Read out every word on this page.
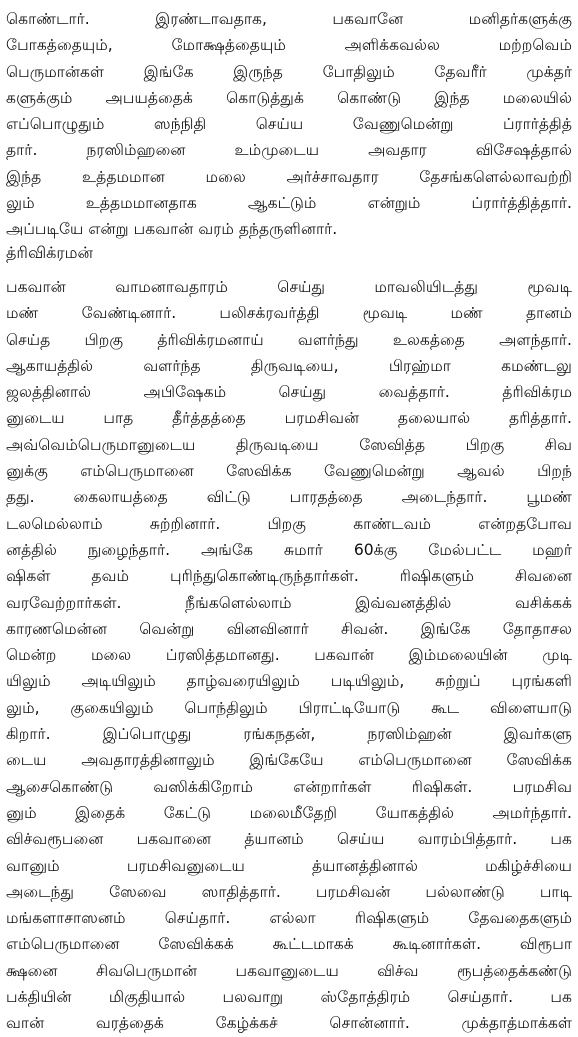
கொண்டார். இரண்டாவதாக, பகவானே மனிதர்களுக்கு
போகத்தையும், மோக்ஷத்தையும் அளிக்கவல்ல மற்றவெம்
பெருமான்கள் இங்கே இருந்த போதிலும் தேவரீர் முக்தர்
களுக்கும் அபயத்தைக் கொடுத்துக் கொண்டு இந்த மலையில்
எப்பொழுதும் ஸந்நிதி செய்ய வேணுமென்று ப்ரார்த்தித்
தார். நரஸிம்ஹனை உம்முடைய அவதார விசேஷத்தால்
இந்த உத்தமமான மலை அர்ச்சாவதார தேசங்களெல்லாவற்றி
லும் உத்தமமானதாக ஆகட்டும் என்றும் ப்ரார்த்தித்தார்.
அப்படியே என்று பகவான் வரம் தந்தருளினார்.
த்ரிவிக்ரமன்
பகவான் வாமனாவதாரம் செய்து மாவலியிடத்து மூவடி
மண் வேண்டினார். பலிசக்ரவர்த்தி மூவடி மண் தானம்
செய்த பிறகு த்ரிவிக்ரமனாய் வளர்ந்து உலகத்தை அளந்தார்.
ஆகாயத்தில் வளர்ந்த திருவடியை, பிரஹ்மா கமண்டலு
ஜலத்தினால் அபிஷேகம் செய்து வைத்தார். த்ரிவிக்ரம
னுடைய பாத தீர்த்தத்தை பரமசிவன் தலையால் தரித்தார்.
அவ்வெம்பெருமானுடைய திருவடியை ஸேவித்த பிறகு சிவ
னுக்கு எம்பெருமானை ஸேவிக்க வேணுமென்று ஆவல் பிறந்
தது. கைலாயத்தை விட்டு பாரதத்தை அடைந்தார். பூமண்
டலமெல்லாம் சுற்றினார். பிறகு காண்டவம் என்றதபோவ
னத்தில் நுழைந்தார். அங்கே சுமார் 60க்கு மேல்பட்ட மஹர்
ஷிகள் தவம் புரிந்துகொண்டிருந்தார்கள். ரிஷிகளும் சிவனை
வரவேற்றார்கள். நீங்களெல்லாம் இவ்வனத்தில் வசிக்கக்
காரணமென்ன வென்று வினவினார் சிவன். இங்கே தோதாசல
மென்ற மலை ப்ரஸித்தமானது. பகவான் இம்மலையின் முடி
யிலும் அடியிலும் தாழ்வரையிலும் படியிலும், சுற்றுப் புரங்களி
லும், குகையிலும் பொந்திலும் பிராட்டியோடு கூட விளையாடு
கிறார். இப்பொழுது ரங்கநதன், நரஸிம்ஹன் இவர்களு
டைய அவதாரத்தினாலும் இங்கேயே எம்பெருமானை ஸேவிக்க
ஆசைகொண்டு வஸிக்கிறோம் என்றார்கள் ரிஷிகள். பரமசிவ
னும் இதைக் கேட்டு மலைமீதேறி யோகத்தில் அமர்ந்தார்.
விச்வரூபனை பகவானை த்யானம் செய்ய வாரம்பித்தார். பக
வானும் பரமசிவனுடைய த்யானத்தினால் மகிழ்ச்சியை
அடைந்து ஸேவை ஸாதித்தார். பரமசிவன் பல்லாண்டு பாடி
மங்களாசாஸனம் செய்தார். எல்லா ரிஷிகளும் தேவதைகளும்
எம்பெருமானை ஸேவிக்கக் கூட்டமாகக் கூடினார்கள். விரூபா
க்ஷனை சிவபெருமான் பகவானுடைய விச்வ ரூபத்தைக்கண்டு
பக்தியின் மிகுதியால் பலவாறு ஸ்தோத்திரம் செய்தார். பக
வான் வரத்தைக் கேழ்க்கச் சொன்னார். முக்தாத்மாக்கள்
